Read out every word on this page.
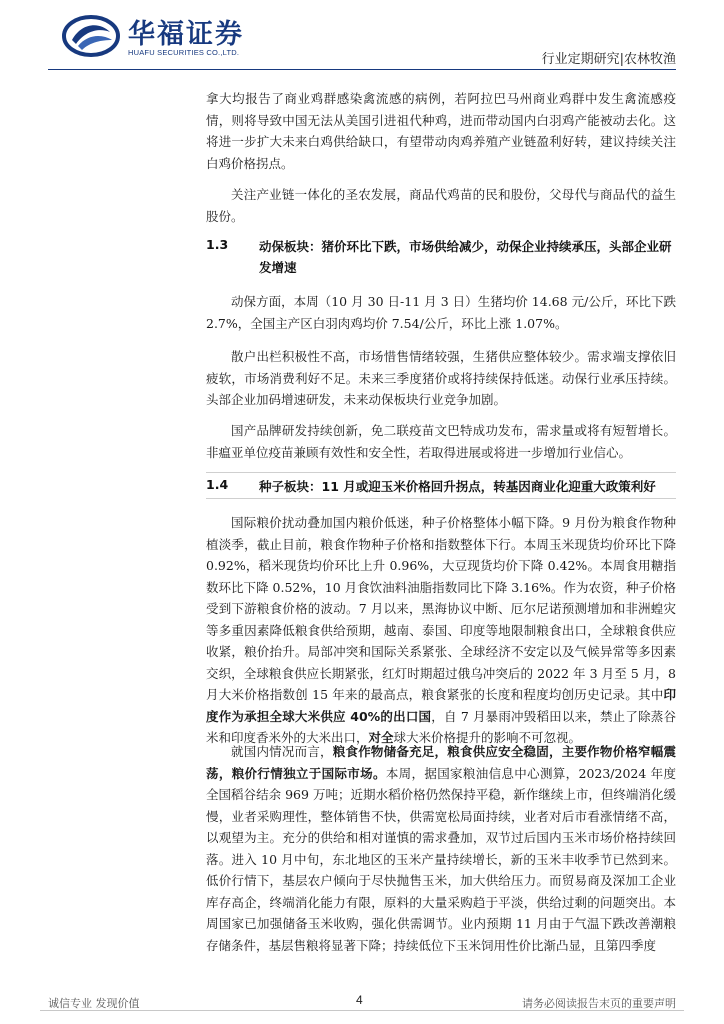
华福证券
HUAFU SECURITIES CO.,LTD.	行业定期研究|农林牧渔

拿大均报告了商业鸡群感染禽流感的病例，若阿拉巴马州商业鸡群中发生禽流感疫情，则将导致中国无法从美国引进祖代种鸡，进而带动国内白羽鸡产能被动去化。这将进一步扩大未来白鸡供给缺口，有望带动肉鸡养殖产业链盈利好转，建议持续关注白鸡价格拐点。

关注产业链一体化的圣农发展，商品代鸡苗的民和股份，父母代与商品代的益生股份。

1.3 动保板块：猪价环比下跌，市场供给减少，动保企业持续承压，头部企业研发增速

动保方面，本周（10 月 30 日-11 月 3 日）生猪均价 14.68 元/公斤，环比下跌 2.7%，全国主产区白羽肉鸡均价 7.54/公斤，环比上涨 1.07%。

散户出栏积极性不高，市场惜售情绪较强，生猪供应整体较少。需求端支撑依旧疲软，市场消费利好不足。未来三季度猪价或将持续保持低迷。动保行业承压持续。头部企业加码增速研发，未来动保板块行业竞争加剧。

国产品牌研发持续创新，免二联疫苗文巴特成功发布，需求量或将有短暂增长。非瘟亚单位疫苗兼顾有效性和安全性，若取得进展或将进一步增加行业信心。

1.4 种子板块：11 月或迎玉米价格回升拐点，转基因商业化迎重大政策利好

国际粮价扰动叠加国内粮价低迷，种子价格整体小幅下降。9 月份为粮食作物种植淡季，截止目前，粮食作物种子价格和指数整体下行。本周玉米现货均价环比下降 0.92%，稻米现货均价环比上升 0.96%，大豆现货均价下降 0.42%。本周食用糖指数环比下降 0.52%，10 月食饮油料油脂指数同比下降 3.16%。作为农资，种子价格受到下游粮食价格的波动。7 月以来，黑海协议中断、厄尔尼诺预测增加和非洲蝗灾等多重因素降低粮食供给预期，越南、泰国、印度等地限制粮食出口，全球粮食供应收紧，粮价抬升。局部冲突和国际关系紧张、全球经济不安定以及气候异常等多因素交织，全球粮食供应长期紧张，红灯时期超过俄乌冲突后的 2022 年 3 月至 5 月，8 月大米价格指数创 15 年来的最高点，粮食紧张的长度和程度均创历史记录。其中印度作为承担全球大米供应 40%的出口国，自 7 月暴雨冲毁稻田以来，禁止了除蒸谷米和印度香米外的大米出口，对全球大米价格提升的影响不可忽视。

就国内情况而言，粮食作物储备充足，粮食供应安全稳固，主要作物价格窄幅震荡，粮价行情独立于国际市场。本周，据国家粮油信息中心测算，2023/2024 年度全国稻谷结余 969 万吨；近期水稻价格仍然保持平稳，新作继续上市，但终端消化缓慢，业者采购理性，整体销售不快，供需宽松局面持续，业者对后市看涨情绪不高，以观望为主。充分的供给和相对谨慎的需求叠加，双节过后国内玉米市场价格持续回落。进入 10 月中旬，东北地区的玉米产量持续增长，新的玉米丰收季节已然到来。低价行情下，基层农户倾向于尽快抛售玉米，加大供给压力。而贸易商及深加工企业库存高企，终端消化能力有限，原料的大量采购趋于平淡，供给过剩的问题突出。本周国家已加强储备玉米收购，强化供需调节。业内预期 11 月由于气温下跌改善潮粮存储条件，基层售粮将显著下降；持续低位下玉米饲用性价比渐凸显，且第四季度

诚信专业 发现价值	4	请务必阅读报告末页的重要声明
